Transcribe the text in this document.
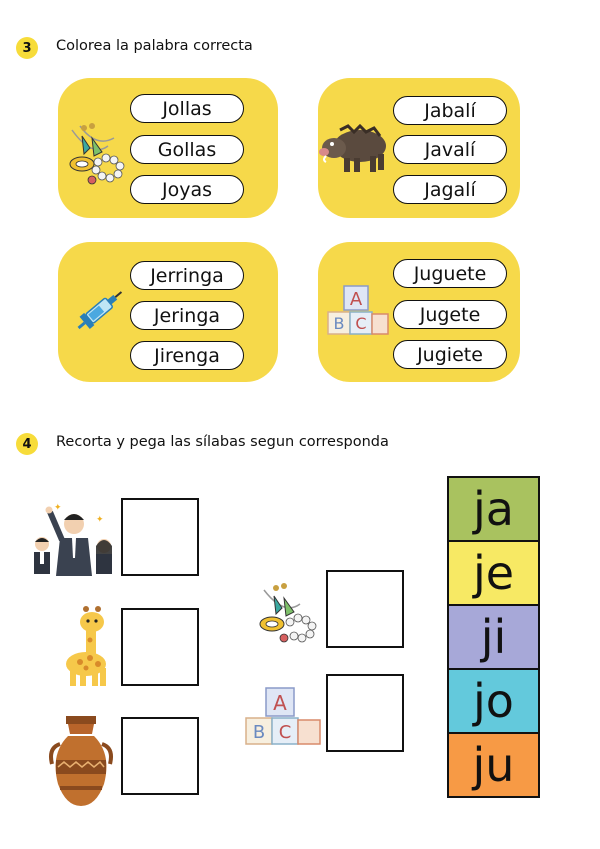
3	Colorea la palabra correcta
Jollas
Gollas
Joyas
Jabalí
Javalí
Jagalí
Jerringa
Jeringa
Jirenga
A
B C
Juguete
Jugete
Jugiete
4	Recorta y pega las sílabas segun corresponda
✦
✦
A
B C
ja
je
ji
jo
ju
